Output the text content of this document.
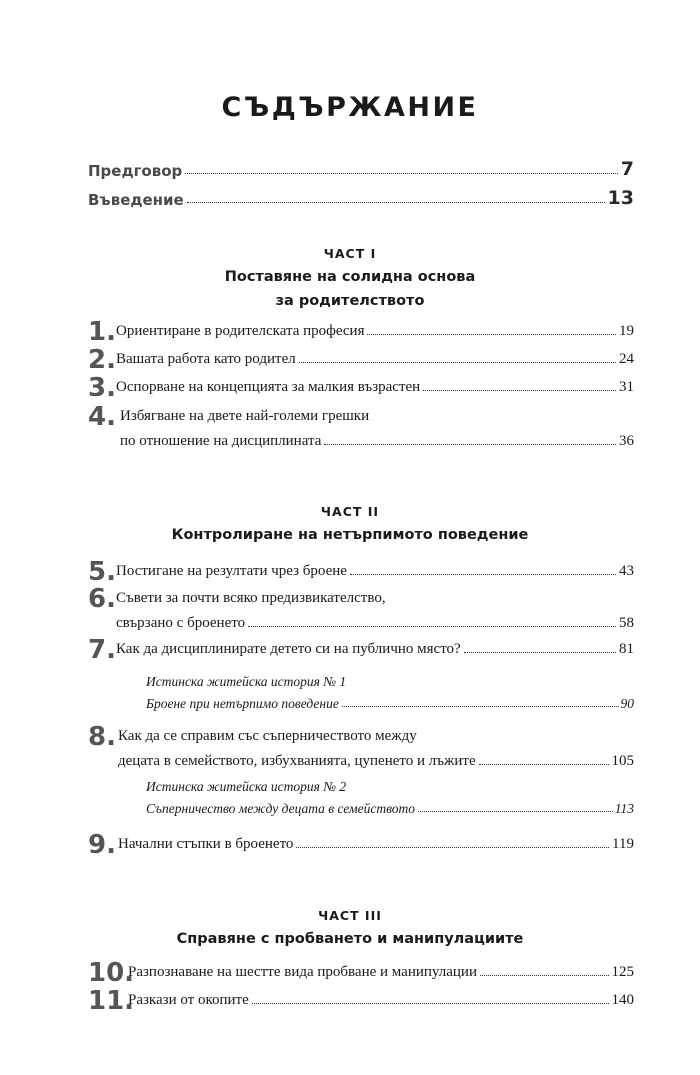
СЪДЪРЖАНИЕ
Предговор	7
Въведение	13
ЧАСТ I
Поставяне на солидна основа
за родителството
1. Ориентиране в родителската професия	19
2. Вашата работа като родител	24
3. Оспорване на концепцията за малкия възрастен	31
4. Избягване на двете най-големи грешки
по отношение на дисциплината	36
ЧАСТ II
Контролиране на нетърпимото поведение
5. Постигане на резултати чрез броене	43
6. Съвети за почти всяко предизвикателство,
свързано с броенето	58
7. Как да дисциплинирате детето си на публично място?	81
Истинска житейска история № 1
Броене при нетърпимо поведение	90
8. Как да се справим със съперничеството между
децата в семейството, избухванията, цупенето и лъжите	105
Истинска житейска история № 2
Съперничество между децата в семейството	113
9. Начални стъпки в броенето	119
ЧАСТ III
Справяне с пробването и манипулациите
10.
Разпознаване на шестте вида пробване и манипулации	125
11.
Разкази от окопите	140
